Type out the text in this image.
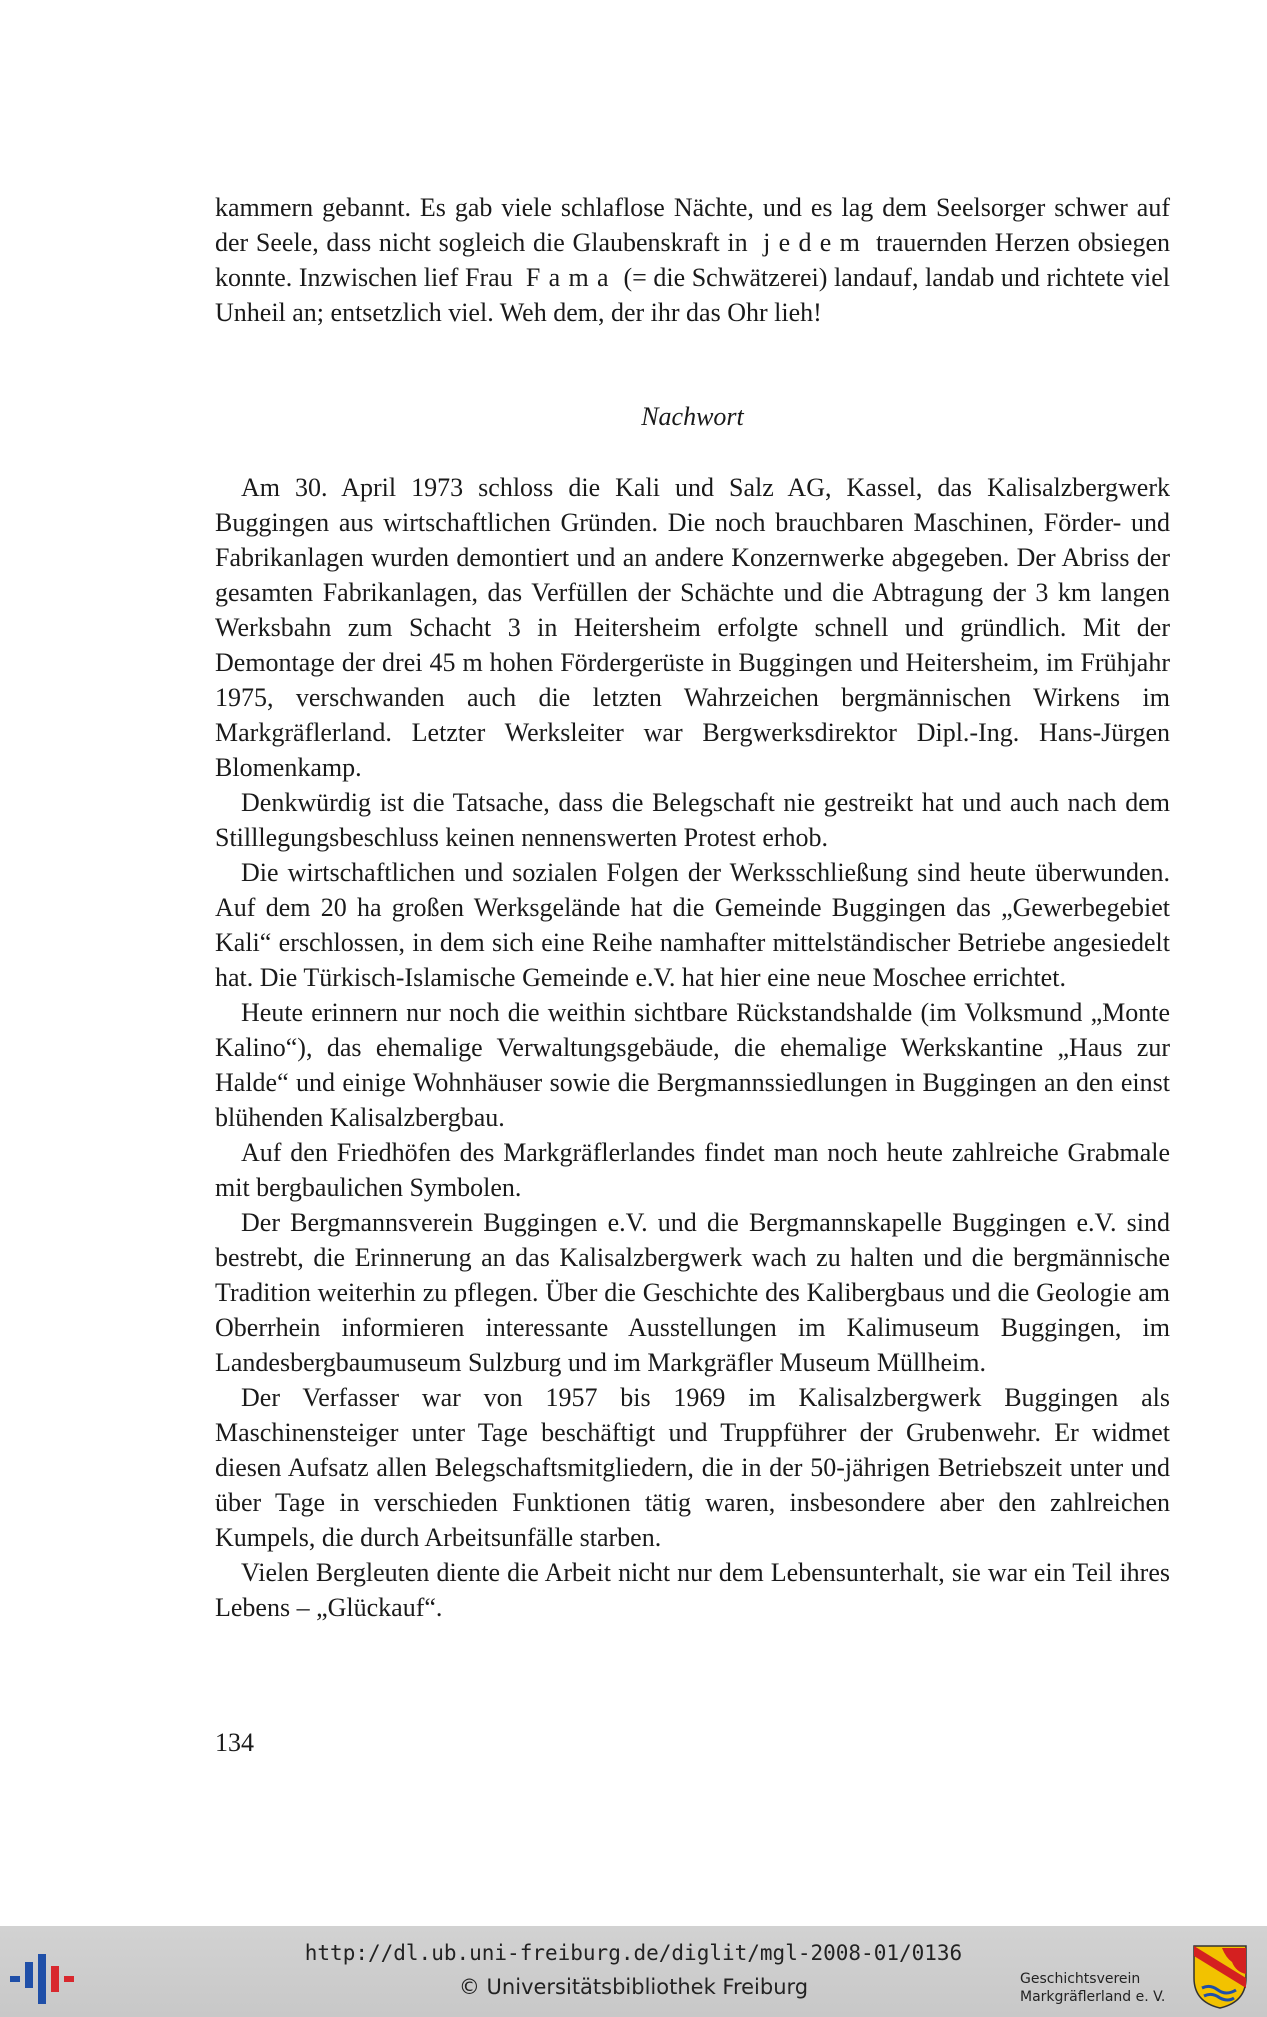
kammern gebannt. Es gab viele schlaflose Nächte, und es lag dem Seelsorger schwer auf der Seele, dass nicht sogleich die Glaubenskraft in jedem trauernden Herzen obsiegen konnte. Inzwischen lief Frau Fama (= die Schwätzerei) landauf, landab und richtete viel Unheil an; entsetzlich viel. Weh dem, der ihr das Ohr lieh!

Nachwort

Am 30. April 1973 schloss die Kali und Salz AG, Kassel, das Kalisalzbergwerk Buggingen aus wirtschaftlichen Gründen. Die noch brauchbaren Maschinen, Förder- und Fabrikanlagen wurden demontiert und an andere Konzernwerke abgegeben. Der Abriss der gesamten Fabrikanlagen, das Verfüllen der Schächte und die Abtragung der 3 km langen Werksbahn zum Schacht 3 in Heitersheim erfolgte schnell und gründlich. Mit der Demontage der drei 45 m hohen Fördergerüste in Buggingen und Heitersheim, im Frühjahr 1975, verschwanden auch die letzten Wahrzeichen bergmännischen Wirkens im Markgräflerland. Letzter Werksleiter war Bergwerksdirektor Dipl.-Ing. Hans-Jürgen Blomenkamp.

Denkwürdig ist die Tatsache, dass die Belegschaft nie gestreikt hat und auch nach dem Stilllegungsbeschluss keinen nennenswerten Protest erhob.

Die wirtschaftlichen und sozialen Folgen der Werksschließung sind heute überwunden. Auf dem 20 ha großen Werksgelände hat die Gemeinde Buggingen das „Gewerbegebiet Kali“ erschlossen, in dem sich eine Reihe namhafter mittelständischer Betriebe angesiedelt hat. Die Türkisch-Islamische Gemeinde e.V. hat hier eine neue Moschee errichtet.

Heute erinnern nur noch die weithin sichtbare Rückstandshalde (im Volksmund „Monte Kalino“), das ehemalige Verwaltungsgebäude, die ehemalige Werkskantine „Haus zur Halde“ und einige Wohnhäuser sowie die Bergmannssiedlungen in Buggingen an den einst blühenden Kalisalzbergbau.

Auf den Friedhöfen des Markgräflerlandes findet man noch heute zahlreiche Grabmale mit bergbaulichen Symbolen.

Der Bergmannsverein Buggingen e.V. und die Bergmannskapelle Buggingen e.V. sind bestrebt, die Erinnerung an das Kalisalzbergwerk wach zu halten und die bergmännische Tradition weiterhin zu pflegen. Über die Geschichte des Kalibergbaus und die Geologie am Oberrhein informieren interessante Ausstellungen im Kalimuseum Buggingen, im Landesbergbaumuseum Sulzburg und im Markgräfler Museum Müllheim.

Der Verfasser war von 1957 bis 1969 im Kalisalzbergwerk Buggingen als Maschinensteiger unter Tage beschäftigt und Truppführer der Grubenwehr. Er widmet diesen Aufsatz allen Belegschaftsmitgliedern, die in der 50-jährigen Betriebszeit unter und über Tage in verschieden Funktionen tätig waren, insbesondere aber den zahlreichen Kumpels, die durch Arbeitsunfälle starben.

Vielen Bergleuten diente die Arbeit nicht nur dem Lebensunterhalt, sie war ein Teil ihres Lebens – „Glückauf“.

134
http://dl.ub.uni-freiburg.de/diglit/mgl-2008-01/0136
© Universitätsbibliothek Freiburg	Geschichtsverein
Markgräflerland e. V.
